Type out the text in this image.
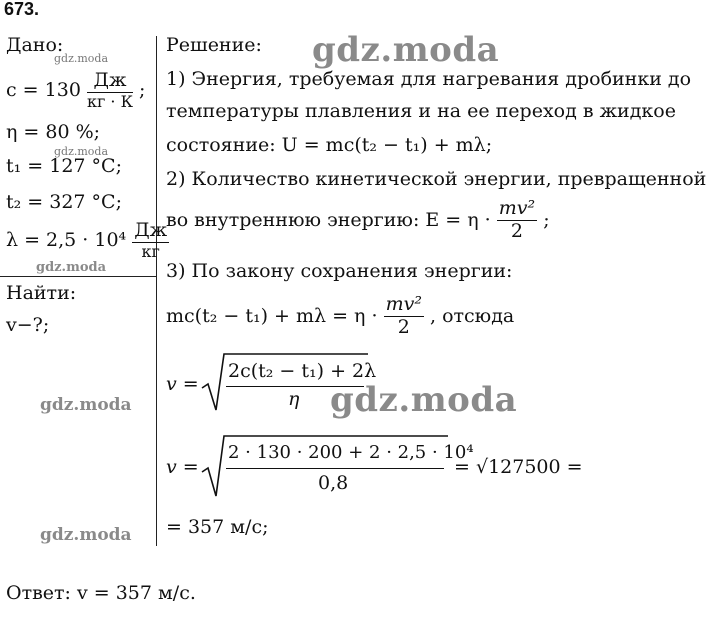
673.
Дано:
$c = 130 \frac{Дж}{кг \cdot К}$ ;
η = 80 %;
t₁ = 127 °C;
t₂ = 327 °C;
$\lambda = 2,5 \cdot 10^4 \frac{Дж}{кг}$
Найти:
v−?;
Решение:
1) Энергия, требуемая для нагревания дробинки до
температуры плавления и на ее переход в жидкое
состояние: U = mc(t₂ − t₁) + mλ;
2) Количество кинетической энергии, превращенной
во внутреннюю энергию: $E = \eta \cdot \frac{\text{mv²}}{2}$ ;
3) По закону сохранения энергии:
$mc(t_2 - t_1) + m\lambda = \eta \cdot \frac{\text{mv²}}{2}$ , отсюда
v =
2c(t₂ − t₁) + 2λ
η
v =
2 · 130 · 200 + 2 · 2,5 · 10⁴
0,8
= √127500 =
= 357 м/с;
Ответ: v = 357 м/с.
gdz.moda
gdz.moda
gdz.moda
gdz.moda
gdz.moda
gdz.moda
gdz.moda
